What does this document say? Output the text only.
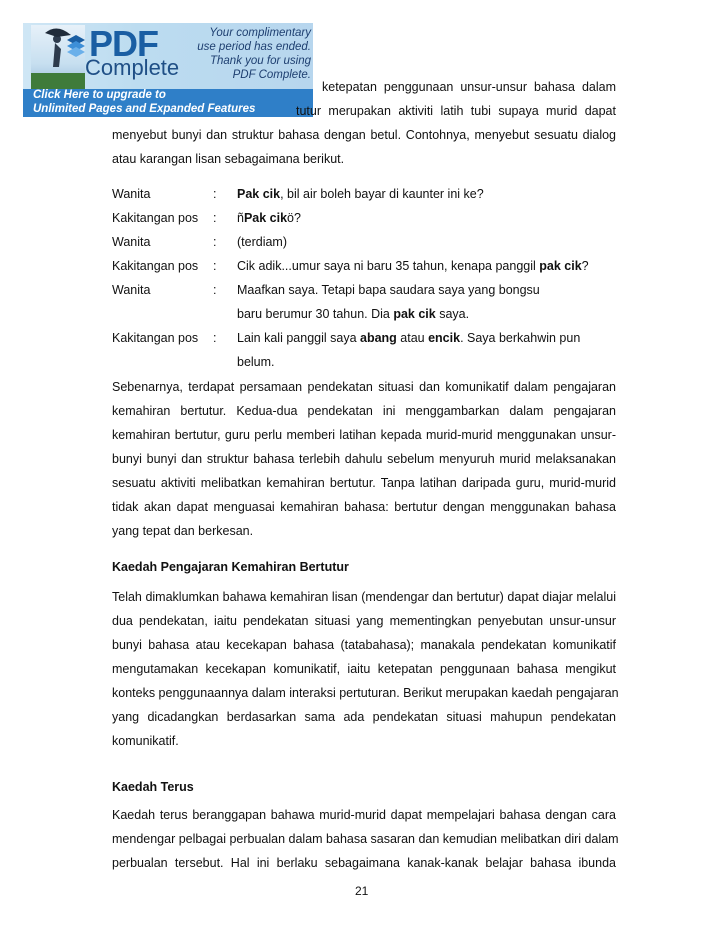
PDF
Complete
Your complimentary
use period has ended.
Thank you for using
PDF Complete.
Click Here to upgrade to
Unlimited Pages and Expanded Features
ketepatan penggunaan unsur-unsur bahasa dalam
tutur merupakan aktiviti latih tubi supaya murid dapat
menyebut bunyi dan struktur bahasa dengan betul. Contohnya, menyebut sesuatu dialog
atau karangan lisan sebagaimana berikut.
Wanita	: Pak cik, bil air boleh bayar di kaunter ini ke?
Kakitangan pos : ñPak cikö?
Wanita	: (terdiam)
Kakitangan pos : Cik adik...umur saya ni baru 35 tahun, kenapa panggil pak cik?
Wanita	: Maafkan saya. Tetapi bapa saudara saya yang bongsu
baru berumur 30 tahun. Dia pak cik saya.
Kakitangan pos : Lain kali panggil saya abang atau encik. Saya berkahwin pun
belum.
Sebenarnya, terdapat persamaan pendekatan situasi dan komunikatif dalam pengajaran
kemahiran bertutur. Kedua-dua pendekatan ini menggambarkan dalam pengajaran
kemahiran bertutur, guru perlu memberi latihan kepada murid-murid menggunakan unsur-
bunyi bunyi dan struktur bahasa terlebih dahulu sebelum menyuruh murid melaksanakan
sesuatu aktiviti melibatkan kemahiran bertutur. Tanpa latihan daripada guru, murid-murid
tidak akan dapat menguasai kemahiran bahasa: bertutur dengan menggunakan bahasa
yang tepat dan berkesan.
Kaedah Pengajaran Kemahiran Bertutur
Telah dimaklumkan bahawa kemahiran lisan (mendengar dan bertutur) dapat diajar melalui
dua pendekatan, iaitu pendekatan situasi yang mementingkan penyebutan unsur-unsur
bunyi bahasa atau kecekapan bahasa (tatabahasa); manakala pendekatan komunikatif
mengutamakan kecekapan komunikatif, iaitu ketepatan penggunaan bahasa mengikut
konteks penggunaannya dalam interaksi pertuturan. Berikut merupakan kaedah pengajaran
yang dicadangkan berdasarkan sama ada pendekatan situasi mahupun pendekatan
komunikatif.
Kaedah Terus
Kaedah terus beranggapan bahawa murid-murid dapat mempelajari bahasa dengan cara
mendengar pelbagai perbualan dalam bahasa sasaran dan kemudian melibatkan diri dalam
perbualan tersebut. Hal ini berlaku sebagaimana kanak-kanak belajar bahasa ibunda
21
